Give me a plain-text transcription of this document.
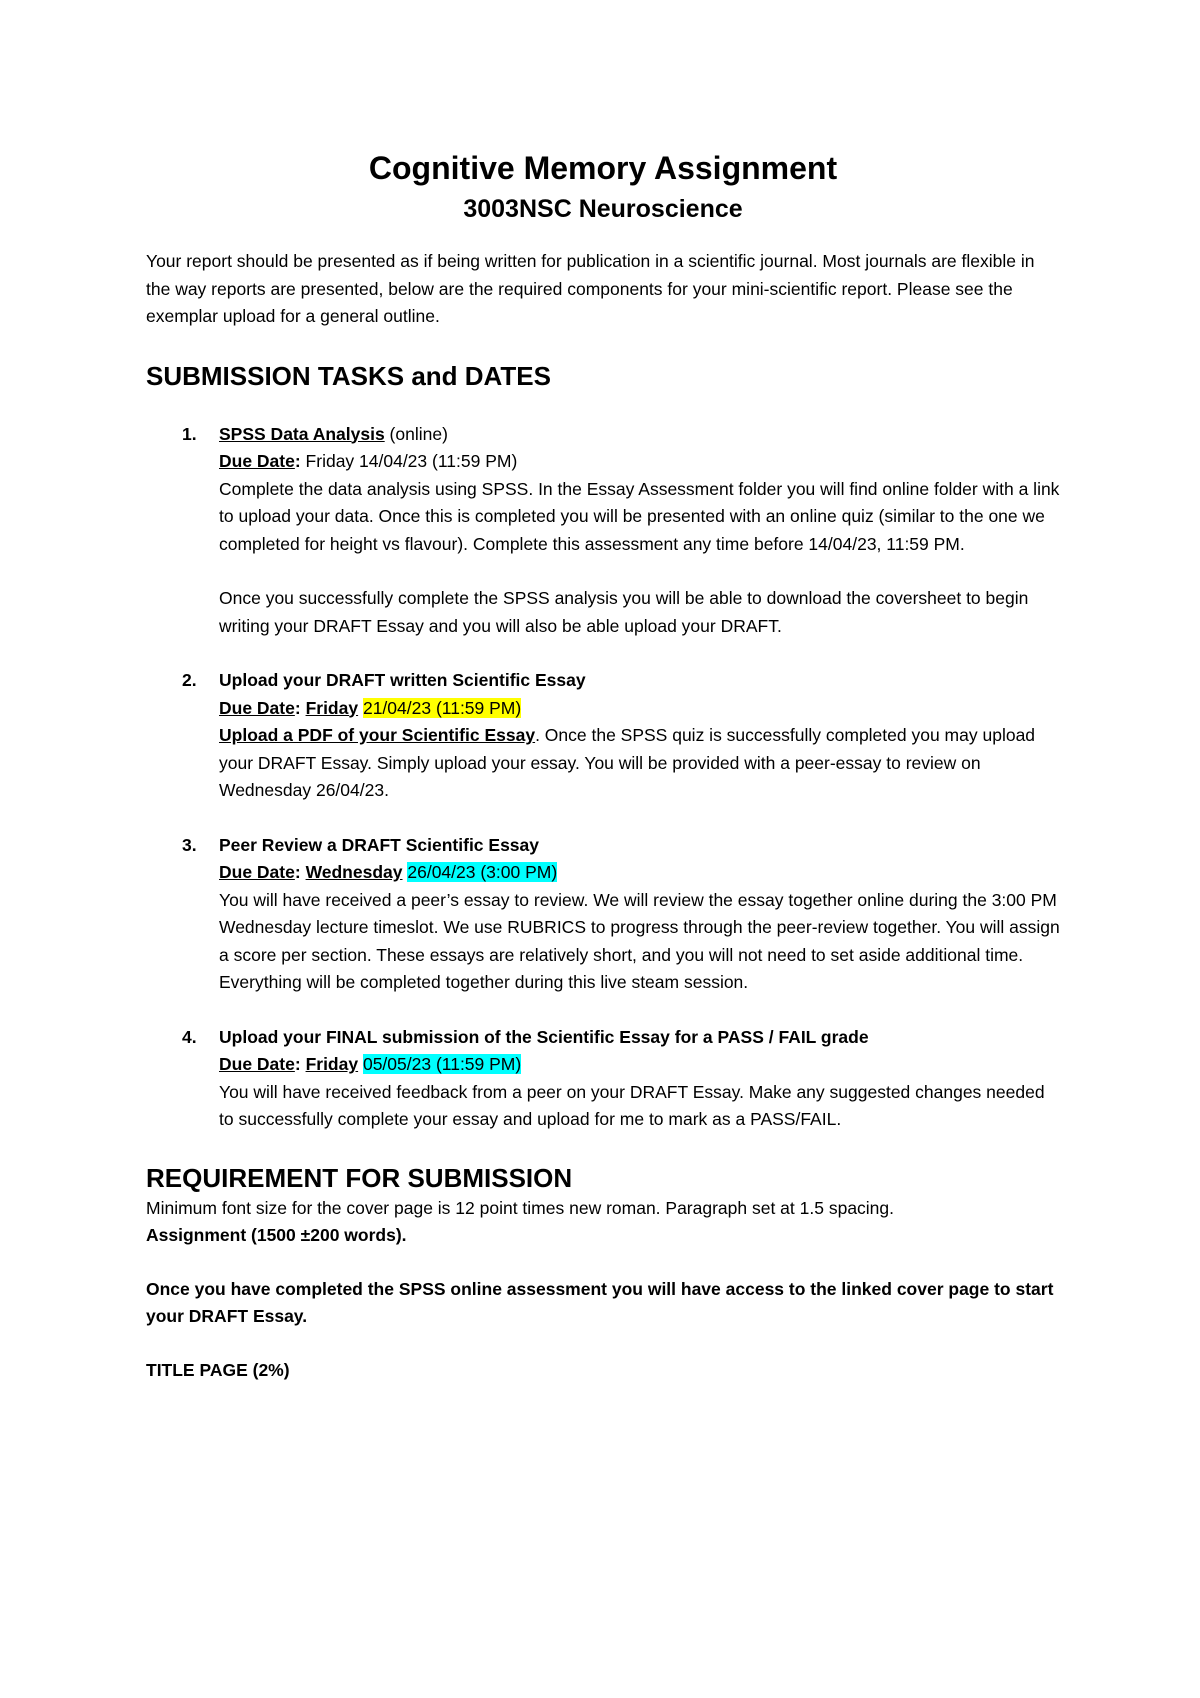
Cognitive Memory Assignment
3003NSC Neuroscience

Your report should be presented as if being written for publication in a scientific journal. Most journals are flexible in the way reports are presented, below are the required components for your mini-scientific report. Please see the exemplar upload for a general outline.

SUBMISSION TASKS and DATES
1. SPSS Data Analysis (online)
Due Date: Friday 14/04/23 (11:59 PM)
Complete the data analysis using SPSS. In the Essay Assessment folder you will find online folder with a link to upload your data. Once this is completed you will be presented with an online quiz (similar to the one we completed for height vs flavour). Complete this assessment any time before 14/04/23, 11:59 PM.
Once you successfully complete the SPSS analysis you will be able to download the coversheet to begin writing your DRAFT Essay and you will also be able upload your DRAFT.
2. Upload your DRAFT written Scientific Essay
Due Date: Friday 21/04/23 (11:59 PM)
Upload a PDF of your Scientific Essay. Once the SPSS quiz is successfully completed you may upload your DRAFT Essay. Simply upload your essay. You will be provided with a peer-essay to review on Wednesday 26/04/23.
3. Peer Review a DRAFT Scientific Essay
Due Date: Wednesday 26/04/23 (3:00 PM)
You will have received a peer’s essay to review. We will review the essay together online during the 3:00 PM Wednesday lecture timeslot. We use RUBRICS to progress through the peer-review together. You will assign a score per section. These essays are relatively short, and you will not need to set aside additional time. Everything will be completed together during this live steam session.
4. Upload your FINAL submission of the Scientific Essay for a PASS / FAIL grade
Due Date: Friday 05/05/23 (11:59 PM)
You will have received feedback from a peer on your DRAFT Essay. Make any suggested changes needed to successfully complete your essay and upload for me to mark as a PASS/FAIL.
REQUIREMENT FOR SUBMISSION

Minimum font size for the cover page is 12 point times new roman. Paragraph set at 1.5 spacing.

Assignment (1500 ±200 words).

Once you have completed the SPSS online assessment you will have access to the linked cover page to start your DRAFT Essay.

TITLE PAGE (2%)
